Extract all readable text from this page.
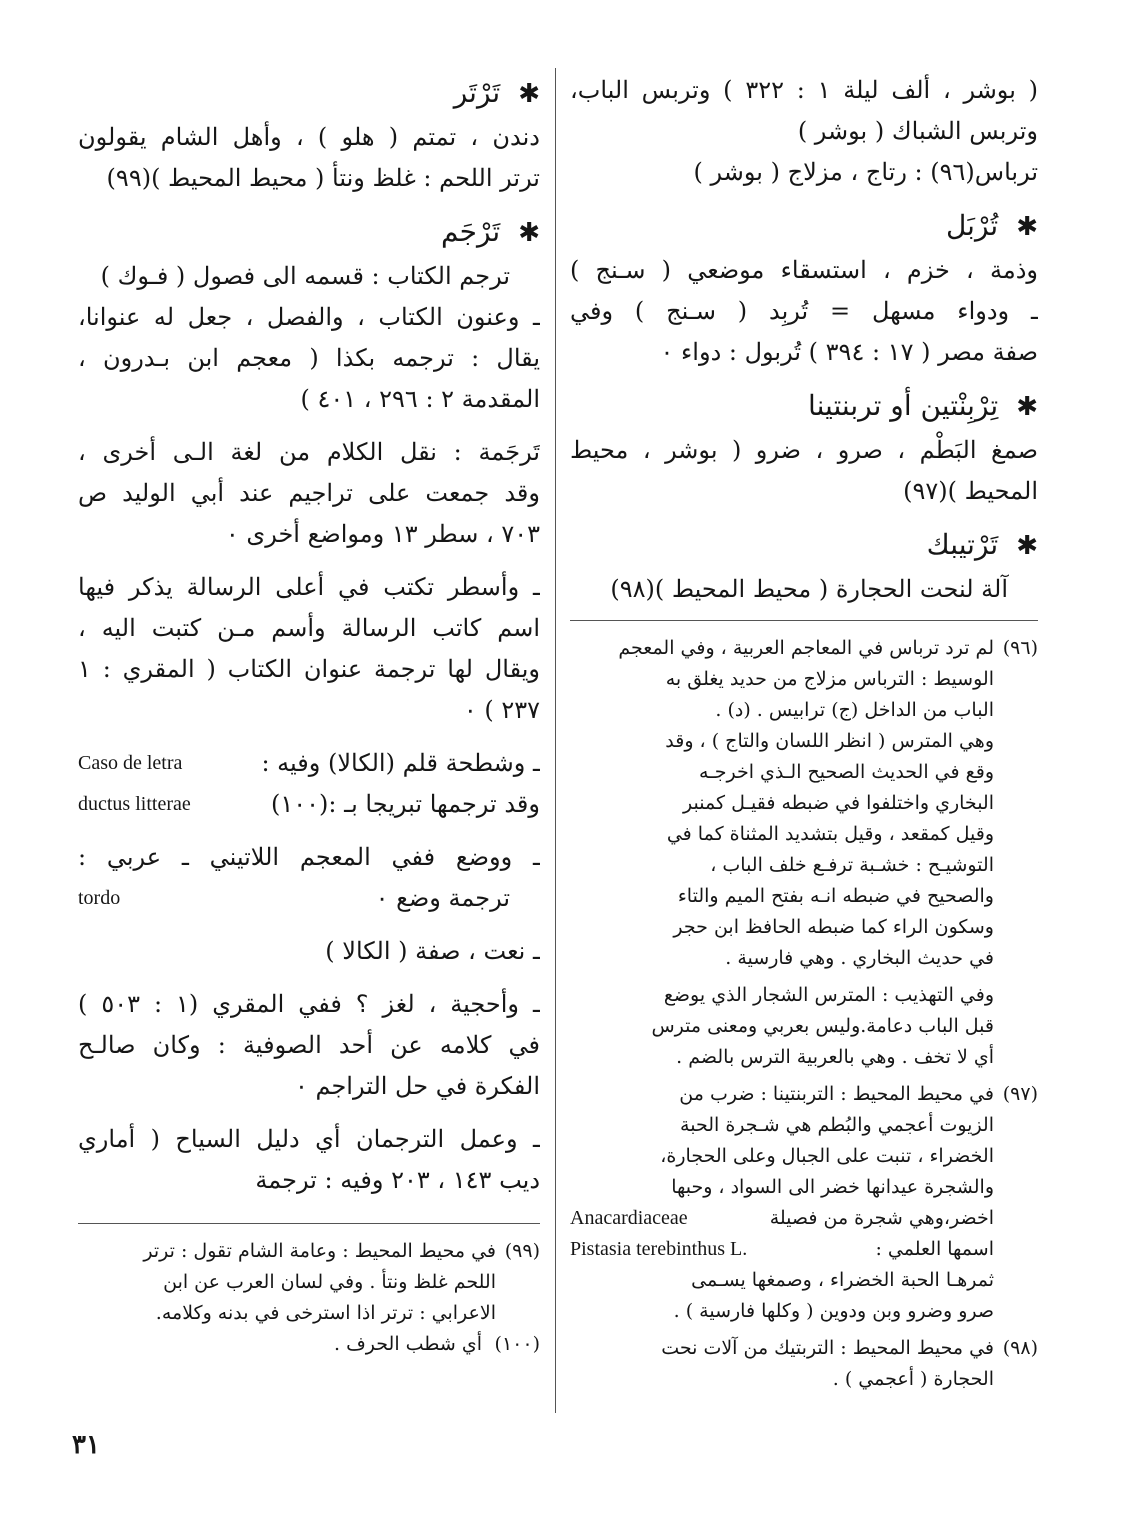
( بوشر ، ألف ليلة ١ : ٣٢٢ ) وتربس الباب،
وتربس الشباك ( بوشر )
ترباس(٩٦) : رتاج ، مزلاج ( بوشر )
✱تُرْبَل
وذمة ، خزم ، استسقاء موضعي ( سـنج )
ـ ودواء مسهل = تُربِد ( سـنج ) وفي
صفة مصر ( ١٧ : ٣٩٤ ) تُربول : دواء ٠
✱تِرْبِنْتين أو تربنتينا
صمغ البَطْم ، صرو ، ضرو ( بوشر ، محيط
المحيط )(٩٧)
✱تَرْتيبك
آلة لنحت الحجارة ( محيط المحيط )(٩٨)
(٩٦)لم ترد ترباس في المعاجم العربية ، وفي المعجم
الوسيط : الترباس مزلاج من حديد يغلق به
الباب من الداخل (ج) ترابيس . (د) .
وهي المترس ( انظر اللسان والتاج ) ، وقد
وقع في الحديث الصحيح الـذي اخرجـه
البخاري واختلفوا في ضبطه فقيـل كمنبر
وقيل كمقعد ، وقيل بتشديد المثناة كما في
التوشيـح : خشـبة ترفـع خلف الباب ،
والصحيح في ضبطه انـه بفتح الميم والتاء
وسكون الراء كما ضبطه الحافظ ابن حجر
في حديث البخاري . وهي فارسية .
وفي التهذيب : المترس الشجار الذي يوضع
قبل الباب دعامة.وليس بعربي ومعنى مترس
أي لا تخف . وهي بالعربية الترس بالضم .
(٩٧)في محيط المحيط : التربنتينا : ضرب من
الزيوت أعجمي والبُطم هي شـجرة الحبة
الخضراء ، تنبت على الجبال وعلى الحجارة،
والشجرة عيدانها خضر الى السواد ، وحبها
اخضر،وهي شجرة من فصيلة
Anacardiaceae
اسمها العلمي :
Pistasia terebinthus L.
ثمرهـا الحبة الخضراء ، وصمغها يسـمى
صرو وضرو وبن ودوين ( وكلها فارسية ) .
(٩٨)في محيط المحيط : التربتيك من آلات نحت
الحجارة ( أعجمي ) .
✱تَرْتَر
دندن ، تمتم ( هلو ) ، وأهل الشام يقولون
ترتر اللحم : غلظ ونتأ ( محيط المحيط )(٩٩)
✱تَرْجَم
ترجم الكتاب : قسمه الى فصول ( فـوك )
ـ وعنون الكتاب ، والفصل ، جعل له عنوانا،
يقال : ترجمه بكذا ( معجم ابن بـدرون ،
المقدمة ٢ : ٢٩٦ ، ٤٠١ )
تَرجَمة : نقل الكلام من لغة الـى أخرى ،
وقد جمعت على تراجيم عند أبي الوليد ص
٧٠٣ ، سطر ١٣ ومواضع أخرى ٠
ـ وأسطر تكتب في أعلى الرسالة يذكر فيها
اسم كاتب الرسالة وأسم مـن كتبت اليه ،
ويقال لها ترجمة عنوان الكتاب ( المقري : ١
٢٣٧ ) ٠
ـ وشطحة قلم (الكالا) وفيه :
Caso de letra
وقد ترجمها تبريجا بـ :(١٠٠)
ductus litterae
ـ ووضع ففي المعجم اللاتيني ـ عربي :
ترجمة وضع ٠
tordo
ـ نعت ، صفة ( الكالا )
ـ وأحجية ، لغز ؟ ففي المقري (١ : ٥٠٣ )
في كلامه عن أحد الصوفية : وكان صالـح
الفكرة في حل التراجم ٠
ـ وعمل الترجمان أي دليل السياح ( أماري
ديب ١٤٣ ، ٢٠٣ وفيه : ترجمة
(٩٩)في محيط المحيط : وعامة الشام تقول : ترتر
اللحم غلظ ونتأ . وفي لسان العرب عن ابن
الاعرابي : ترتر اذا استرخى في بدنه وكلامه.
(١٠٠)أي شطب الحرف .
٣١
